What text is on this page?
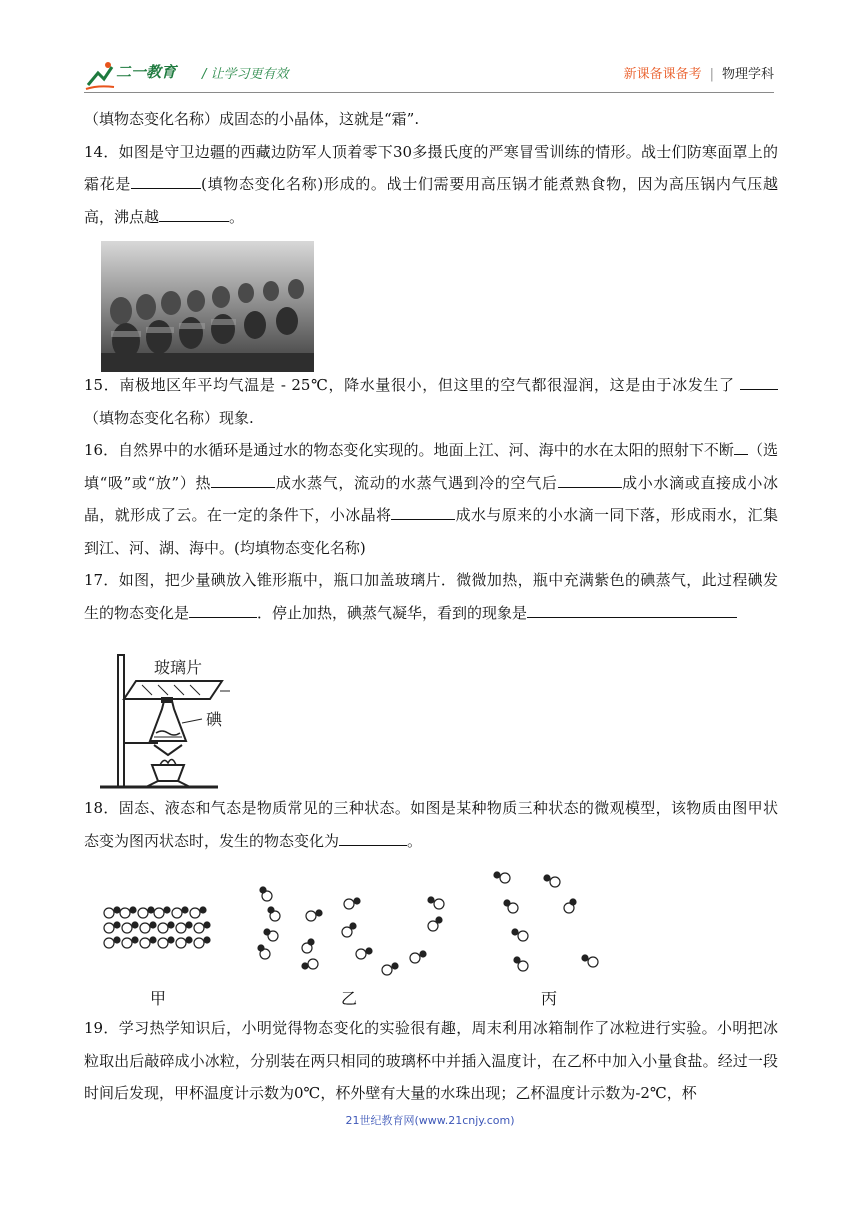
二一教育 / 让学习更有效	新课备课备考 | 物理学科

（填物态变化名称）成固态的小晶体，这就是“霜”.

14．如图是守卫边疆的西藏边防军人顶着零下30多摄氏度的严寒冒雪训练的情形。战士们防寒面罩上的霜花是	(填物态变化名称)形成的。战士们需要用高压锅才能煮熟食物，因为高压锅内气压越高，沸点越	。

15．南极地区年平均气温是 - 25℃，降水量很小，但这里的空气都很湿润，这是由于冰发生了 （填物态变化名称）现象.

16．自然界中的水循环是通过水的物态变化实现的。地面上江、河、海中的水在太阳的照射下不断 （选填“吸”或“放”）热	成水蒸气，流动的水蒸气遇到冷的空气后	成小水滴或直接成小冰晶，就形成了云。在一定的条件下，小冰晶将	成水与原来的小水滴一同下落，形成雨水，汇集到江、河、湖、海中。(均填物态变化名称)

17．如图，把少量碘放入锥形瓶中，瓶口加盖玻璃片．微微加热，瓶中充满紫色的碘蒸气，此过程碘发生的物态变化是	．停止加热，碘蒸气凝华，看到的现象是

18．固态、液态和气态是物质常见的三种状态。如图是某种物质三种状态的微观模型，该物质由图甲状态变为图丙状态时，发生的物态变化为	。

19．学习热学知识后，小明觉得物态变化的实验很有趣，周末利用冰箱制作了冰粒进行实验。小明把冰粒取出后敲碎成小冰粒，分别装在两只相同的玻璃杯中并插入温度计，在乙杯中加入小量食盐。经过一段时间后发现，甲杯温度计示数为0℃，杯外壁有大量的水珠出现；乙杯温度计示数为-2℃，杯

玻璃片
碘
甲	乙	丙
21世纪教育网(www.21cnjy.com)
